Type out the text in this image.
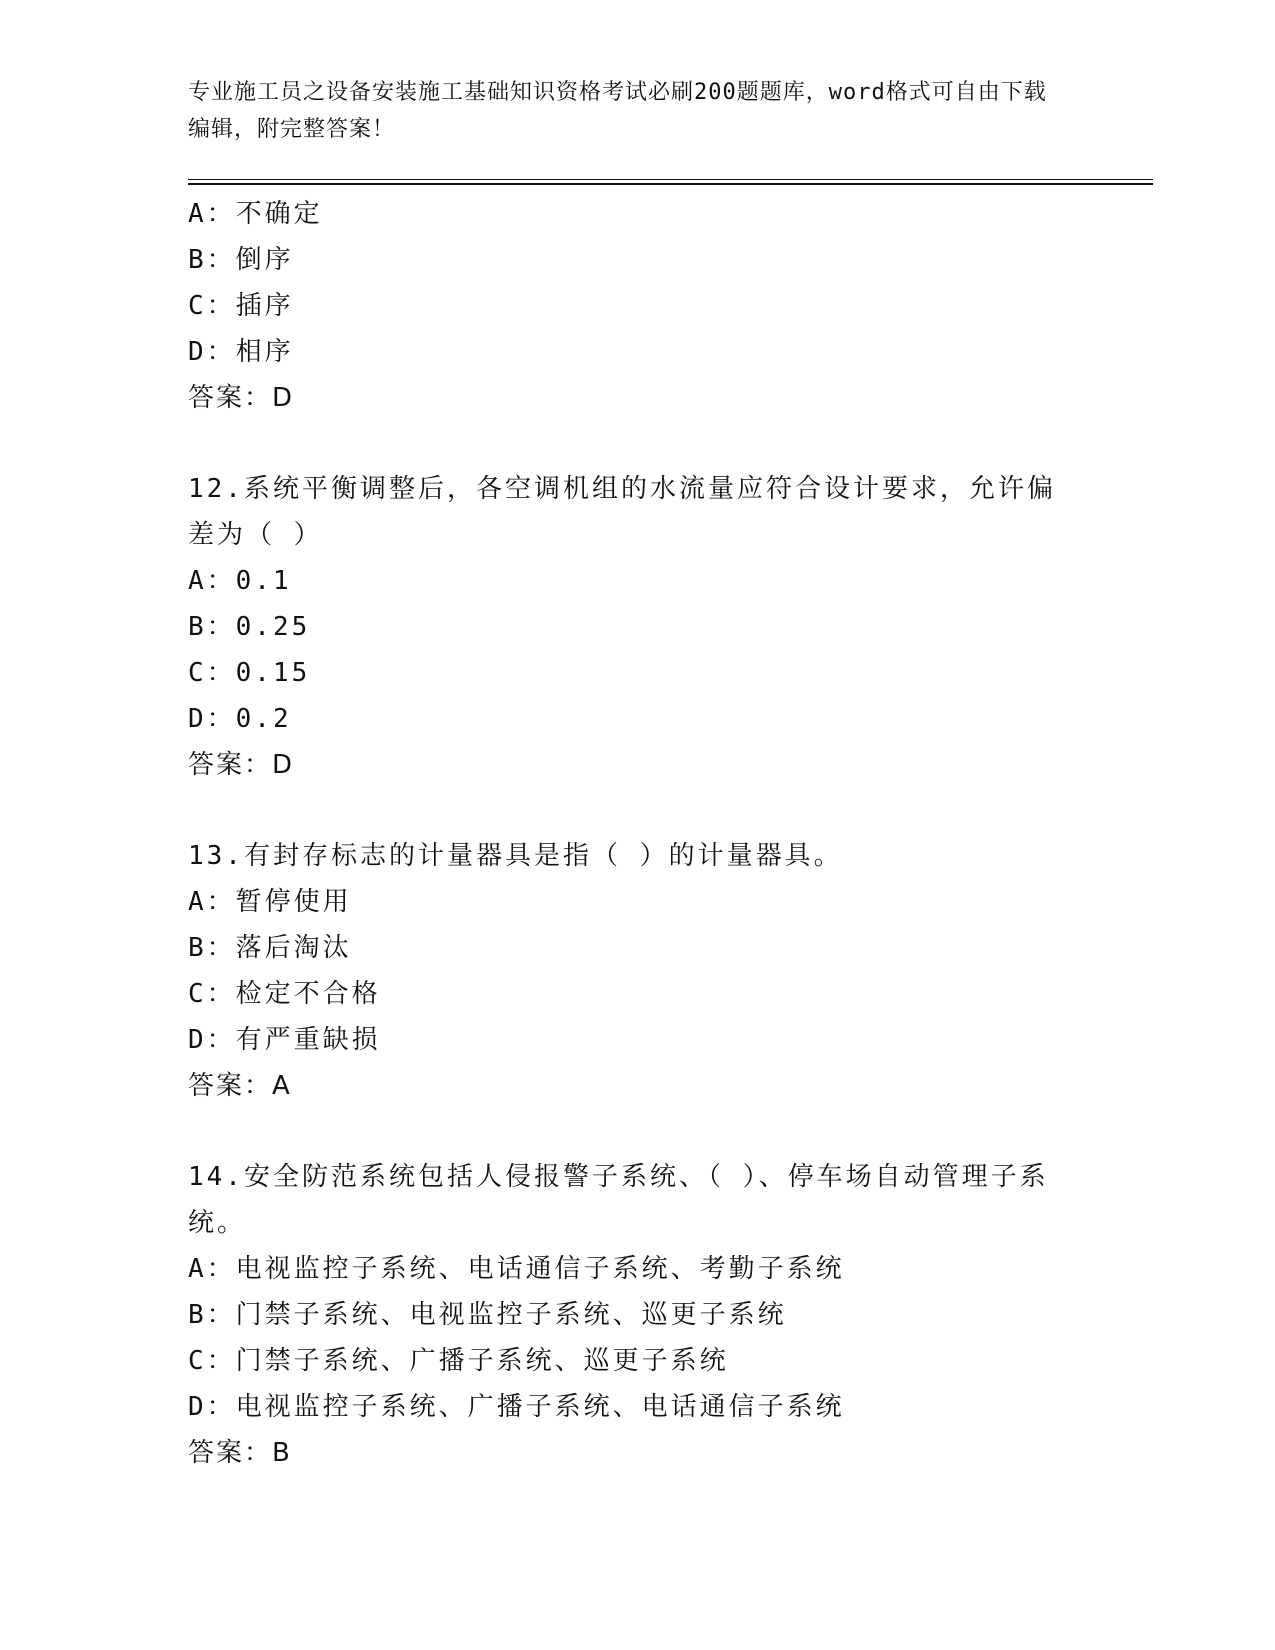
专业施工员之设备安装施工基础知识资格考试必刷200题题库，word格式可自由下载编辑，附完整答案！
A：不确定
B：倒序
C：插序
D：相序
答案：D
12.系统平衡调整后，各空调机组的水流量应符合设计要求，允许偏差为（ ）
A：0.1
B：0.25
C：0.15
D：0.2
答案：D
13.有封存标志的计量器具是指（ ）的计量器具。
A：暂停使用
B：落后淘汰
C：检定不合格
D：有严重缺损
答案：A
14.安全防范系统包括人侵报警子系统、（ ）、停车场自动管理子系统。
A：电视监控子系统、电话通信子系统、考勤子系统
B：门禁子系统、电视监控子系统、巡更子系统
C：门禁子系统、广播子系统、巡更子系统
D：电视监控子系统、广播子系统、电话通信子系统
答案：B
